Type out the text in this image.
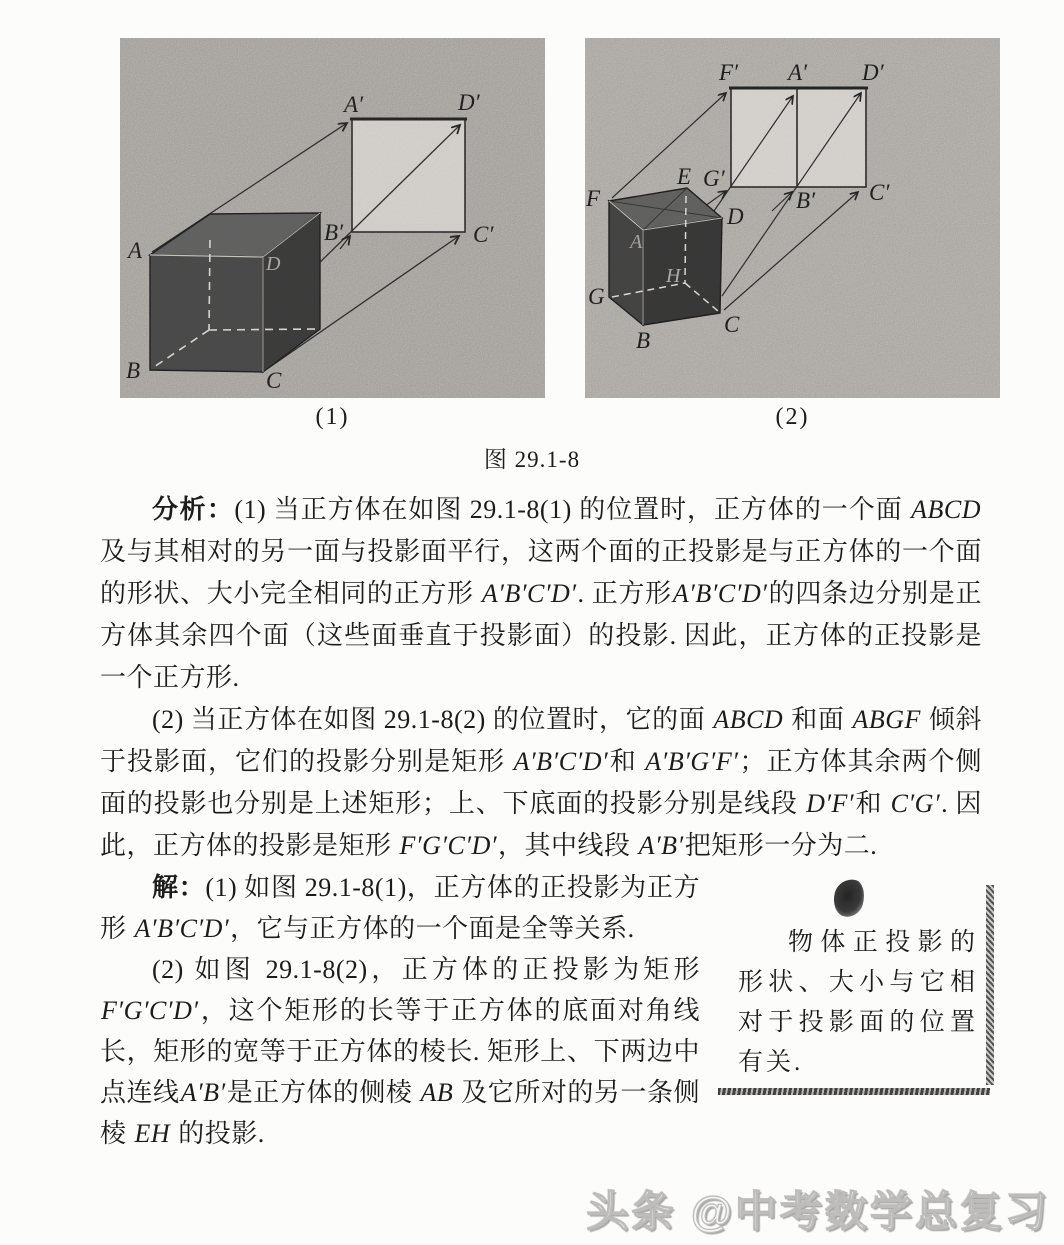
A
B	C
D
A′	D′
B′	C′
F
E
D
A
G
B
C
H
F′ A′ D′
G′
B′ C′
(1)	(2)
图 29.1-8

分析：(1) 当正方体在如图 29.1-8(1) 的位置时，正方体的一个面 ABCD 及与其相对的另一面与投影面平行，这两个面的正投影是与正方体的一个面的形状、大小完全相同的正方形 A′B′C′D′. 正方形A′B′C′D′的四条边分别是正方体其余四个面（这些面垂直于投影面）的投影. 因此，正方体的正投影是一个正方形.

(2) 当正方体在如图 29.1-8(2) 的位置时，它的面 ABCD 和面 ABGF 倾斜于投影面，它们的投影分别是矩形 A′B′C′D′和 A′B′G′F′；正方体其余两个侧面的投影也分别是上述矩形；上、下底面的投影分别是线段 D′F′和 C′G′. 因此，正方体的投影是矩形 F′G′C′D′，其中线段 A′B′把矩形一分为二.

解：(1) 如图 29.1-8(1)，正方体的正投影为正方形 A′B′C′D′，它与正方体的一个面是全等关系.

(2) 如图 29.1-8(2)，正方体的正投影为矩形F′G′C′D′，这个矩形的长等于正方体的底面对角线长，矩形的宽等于正方体的棱长. 矩形上、下两边中点连线A′B′是正方体的侧棱 AB 及它所对的另一条侧棱 EH 的投影.

物体正投影的形状、大小与它相对于投影面的位置有关.

头条 @中考数学总复习
